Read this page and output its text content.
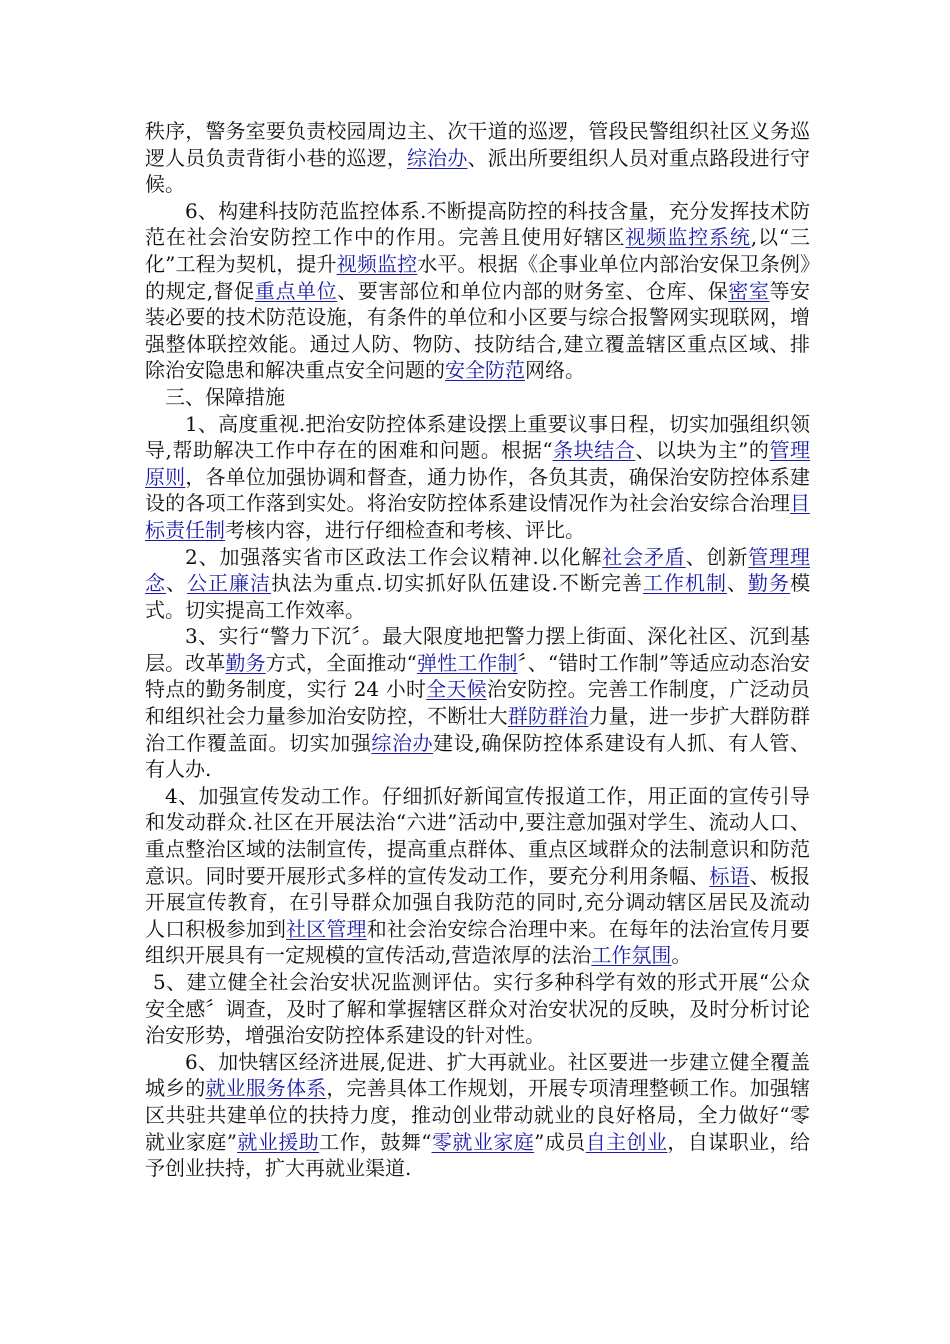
秩序，警务室要负责校园周边主、次干道的巡逻，管段民警组织社区义务巡逻人员负责背街小巷的巡逻，综治办、派出所要组织人员对重点路段进行守候。

6、构建科技防范监控体系.不断提高防控的科技含量，充分发挥技术防范在社会治安防控工作中的作用。完善且使用好辖区视频监控系统,以“三化”工程为契机，提升视频监控水平。根据《企事业单位内部治安保卫条例》的规定,督促重点单位、要害部位和单位内部的财务室、仓库、保密室等安装必要的技术防范设施，有条件的单位和小区要与综合报警网实现联网，增强整体联控效能。通过人防、物防、技防结合,建立覆盖辖区重点区域、排除治安隐患和解决重点安全问题的安全防范网络。

三、保障措施

1、高度重视.把治安防控体系建设摆上重要议事日程，切实加强组织领导,帮助解决工作中存在的困难和问题。根据“条块结合、以块为主”的管理原则，各单位加强协调和督查，通力协作，各负其责，确保治安防控体系建设的各项工作落到实处。将治安防控体系建设情况作为社会治安综合治理目标责任制考核内容，进行仔细检查和考核、评比。

2、加强落实省市区政法工作会议精神.以化解社会矛盾、创新管理理念、公正廉洁执法为重点.切实抓好队伍建设.不断完善工作机制、勤务模式。切实提高工作效率。

3、实行“警力下沉〞。最大限度地把警力摆上街面、深化社区、沉到基层。改革勤务方式，全面推动“弹性工作制〞、“错时工作制”等适应动态治安特点的勤务制度，实行 24 小时全天候治安防控。完善工作制度，广泛动员和组织社会力量参加治安防控，不断壮大群防群治力量，进一步扩大群防群治工作覆盖面。切实加强综治办建设,确保防控体系建设有人抓、有人管、有人办.

4、加强宣传发动工作。仔细抓好新闻宣传报道工作，用正面的宣传引导和发动群众.社区在开展法治“六进”活动中,要注意加强对学生、流动人口、重点整治区域的法制宣传，提高重点群体、重点区域群众的法制意识和防范意识。同时要开展形式多样的宣传发动工作，要充分利用条幅、标语、板报开展宣传教育，在引导群众加强自我防范的同时,充分调动辖区居民及流动人口积极参加到社区管理和社会治安综合治理中来。在每年的法治宣传月要组织开展具有一定规模的宣传活动,营造浓厚的法治工作氛围。

5、建立健全社会治安状况监测评估。实行多种科学有效的形式开展“公众安全感〞调查，及时了解和掌握辖区群众对治安状况的反映，及时分析讨论治安形势，增强治安防控体系建设的针对性。

6、加快辖区经济进展,促进、扩大再就业。社区要进一步建立健全覆盖城乡的就业服务体系，完善具体工作规划，开展专项清理整顿工作。加强辖区共驻共建单位的扶持力度，推动创业带动就业的良好格局，全力做好“零就业家庭”就业援助工作，鼓舞“零就业家庭”成员自主创业，自谋职业，给予创业扶持，扩大再就业渠道.
